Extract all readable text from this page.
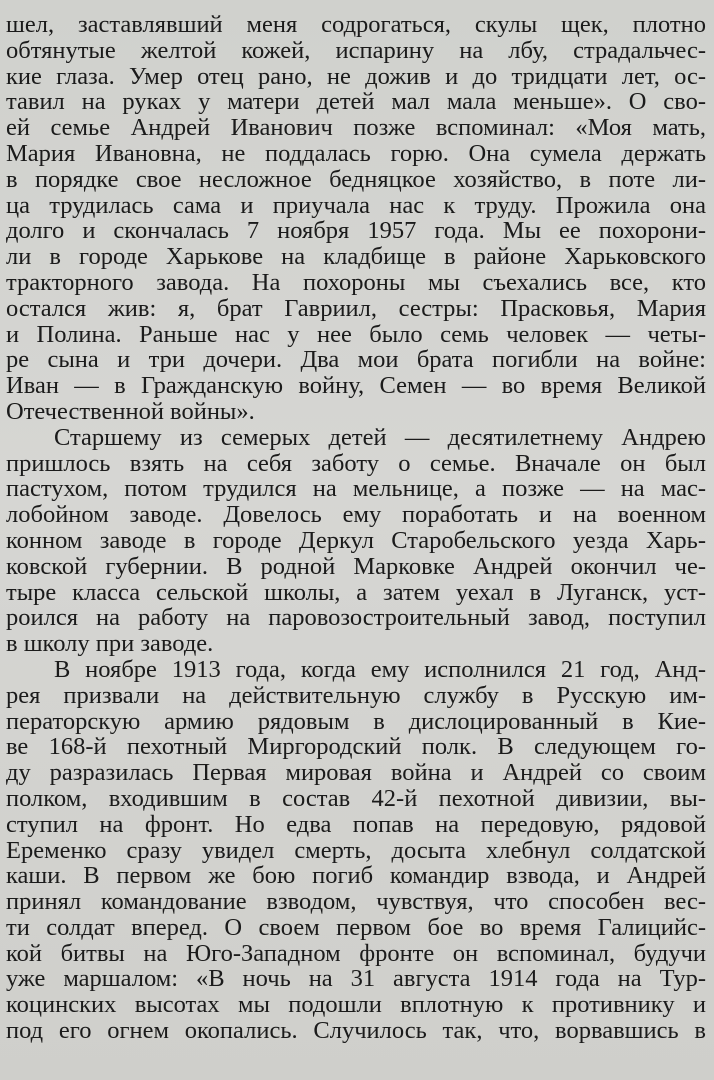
шел, заставлявший меня содрогаться, скулы щек, плотно
обтянутые желтой кожей, испарину на лбу, страдальчес-
кие глаза. Умер отец рано, не дожив и до тридцати лет, ос-
тавил на руках у матери детей мал мала меньше». О сво-
ей семье Андрей Иванович позже вспоминал: «Моя мать,
Мария Ивановна, не поддалась горю. Она сумела держать
в порядке свое несложное бедняцкое хозяйство, в поте ли-
ца трудилась сама и приучала нас к труду. Прожила она
долго и скончалась 7 ноября 1957 года. Мы ее похорони-
ли в городе Харькове на кладбище в районе Харьковского
тракторного завода. На похороны мы съехались все, кто
остался жив: я, брат Гавриил, сестры: Прасковья, Мария
и Полина. Раньше нас у нее было семь человек — четы-
ре сына и три дочери. Два мои брата погибли на войне:
Иван — в Гражданскую войну, Семен — во время Великой
Отечественной войны».
Старшему из семерых детей — десятилетнему Андрею
пришлось взять на себя заботу о семье. Вначале он был
пастухом, потом трудился на мельнице, а позже — на мас-
лобойном заводе. Довелось ему поработать и на военном
конном заводе в городе Деркул Старобельского уезда Харь-
ковской губернии. В родной Марковке Андрей окончил че-
тыре класса сельской школы, а затем уехал в Луганск, уст-
роился на работу на паровозостроительный завод, поступил
в школу при заводе.
В ноябре 1913 года, когда ему исполнился 21 год, Анд-
рея призвали на действительную службу в Русскую им-
ператорскую армию рядовым в дислоцированный в Кие-
ве 168-й пехотный Миргородский полк. В следующем го-
ду разразилась Первая мировая война и Андрей со своим
полком, входившим в состав 42-й пехотной дивизии, вы-
ступил на фронт. Но едва попав на передовую, рядовой
Еременко сразу увидел смерть, досыта хлебнул солдатской
каши. В первом же бою погиб командир взвода, и Андрей
принял командование взводом, чувствуя, что способен вес-
ти солдат вперед. О своем первом бое во время Галицийс-
кой битвы на Юго-Западном фронте он вспоминал, будучи
уже маршалом: «В ночь на 31 августа 1914 года на Тур-
коцинских высотах мы подошли вплотную к противнику и
под его огнем окопались. Случилось так, что, ворвавшись в
